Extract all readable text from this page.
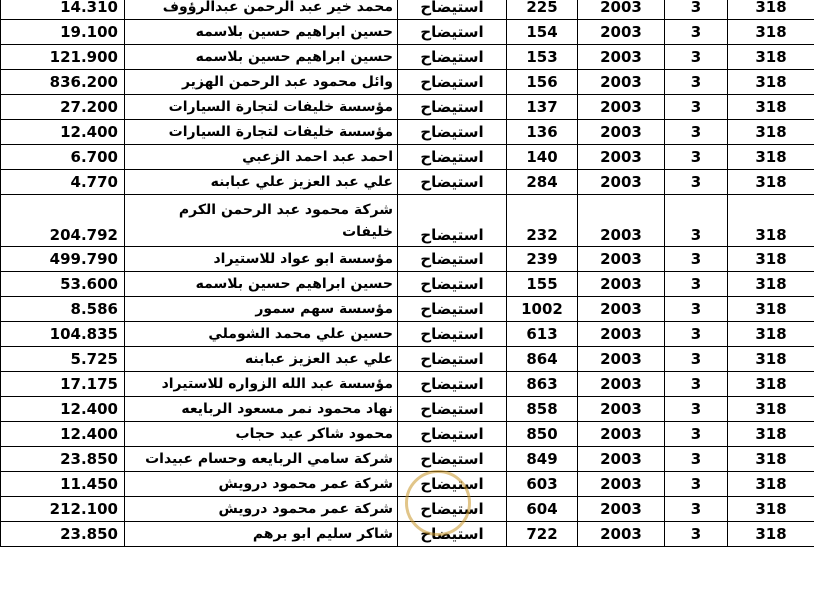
14.310	محمد خير عبد الرحمن عبدالرؤوف	استيضاح	225	2003	3	318
19.100	حسين ابراهيم حسين بلاسمه	استيضاح	154	2003	3	318
121.900	حسين ابراهيم حسين بلاسمه	استيضاح	153	2003	3	318
836.200	وائل محمود عبد الرحمن الهزير	استيضاح	156	2003	3	318
27.200	مؤسسة خليفات لتجارة السيارات	استيضاح	137	2003	3	318
12.400	مؤسسة خليفات لتجارة السيارات	استيضاح	136	2003	3	318
6.700	احمد عبد احمد الزعبي	استيضاح	140	2003	3	318
4.770	علي عبد العزيز علي عبابنه	استيضاح	284	2003	3	318
204.792	شركة محمود عبد الرحمن الكرم خليفات	استيضاح	232	2003	3	318
499.790	مؤسسة ابو عواد للاستيراد	استيضاح	239	2003	3	318
53.600	حسين ابراهيم حسين بلاسمه	استيضاح	155	2003	3	318
8.586	مؤسسة سهم سمور	استيضاح	1002	2003	3	318
104.835	حسين علي محمد الشوملي	استيضاح	613	2003	3	318
5.725	علي عبد العزيز عبابنه	استيضاح	864	2003	3	318
17.175	مؤسسة عبد الله الزواره للاستيراد	استيضاح	863	2003	3	318
12.400	نهاد محمود نمر مسعود الربايعه	استيضاح	858	2003	3	318
12.400	محمود شاكر عيد حجاب	استيضاح	850	2003	3	318
23.850	شركة سامي الربايعه وحسام عبيدات	استيضاح	849	2003	3	318
11.450	شركة عمر محمود درويش	استيضاح	603	2003	3	318
212.100	شركة عمر محمود درويش	استيضاح	604	2003	3	318
23.850	شاكر سليم ابو برهم	استيضاح	722	2003	3	318
